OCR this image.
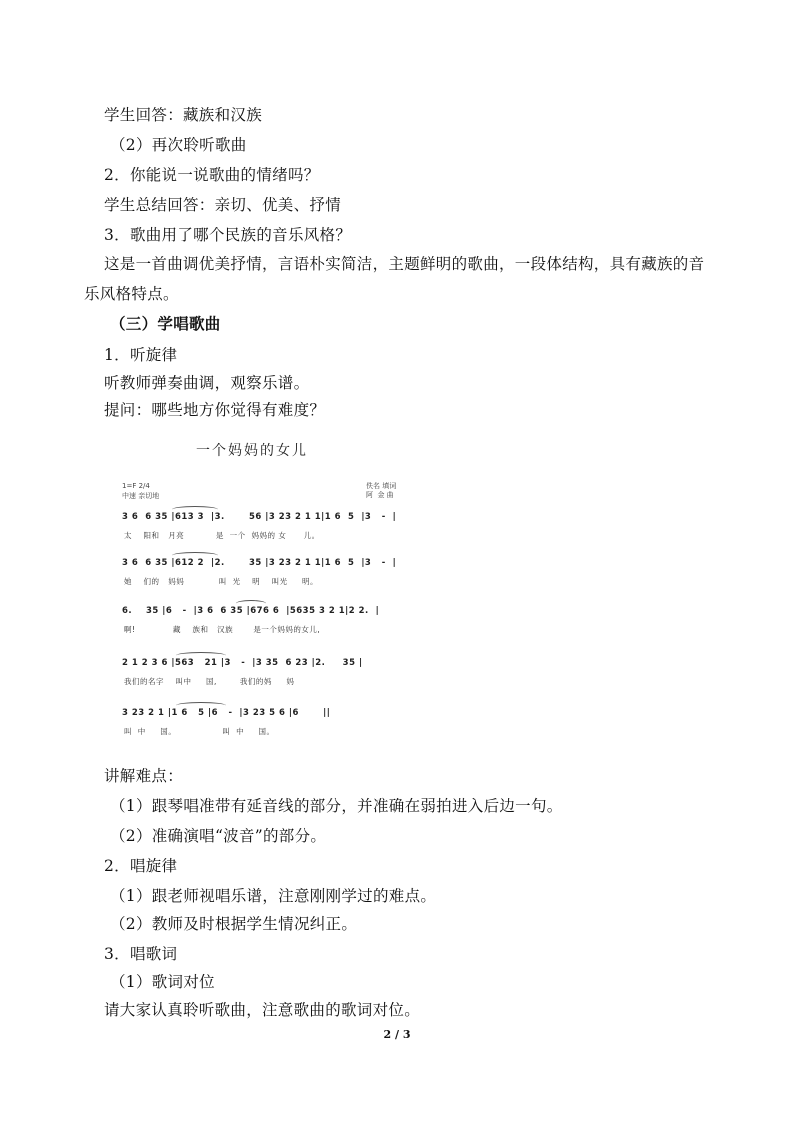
学生回答：藏族和汉族
（2）再次聆听歌曲
2．你能说一说歌曲的情绪吗？
学生总结回答：亲切、优美、抒情
3．歌曲用了哪个民族的音乐风格？
这是一首曲调优美抒情，言语朴实简洁，主题鲜明的歌曲，一段体结构，具有藏族的音
乐风格特点。
（三）学唱歌曲
1．听旋律
听教师弹奏曲调，观察乐谱。
提问：哪些地方你觉得有难度？
一个妈妈的女儿
1=F 2/4
中速 亲切地
佚名 填词
阿  金 曲
3 6  6 35 |613 3  |3.       56 |3 23 2 1 1|1 6  5  |3   -  |
太    阳和   月亮           是  一个  妈妈的 女      儿。
3 6  6 35 |612 2  |2.       35 |3 23 2 1 1|1 6  5  |3   -  |
她    们的   妈妈            叫  光    明    叫光     明。
6.    35 |6   -  |3 6  6 35 |676 6  |5635 3 2 1|2 2.  |
啊!             藏    族和   汉族       是一个妈妈的女儿,
2 1 2 3 6 |563   21 |3   -  |3 35  6 23 |2.     35 |
我们的名字    叫中     国,        我们的妈     妈
3 23 2 1 |1 6   5 |6   -  |3 23 5 6 |6       ||
叫  中     国。                叫  中     国。
讲解难点：
（1）跟琴唱准带有延音线的部分，并准确在弱拍进入后边一句。
（2）准确演唱“波音”的部分。
2．唱旋律
（1）跟老师视唱乐谱，注意刚刚学过的难点。
（2）教师及时根据学生情况纠正。
3．唱歌词
（1）歌词对位
请大家认真聆听歌曲，注意歌曲的歌词对位。
2 / 3
